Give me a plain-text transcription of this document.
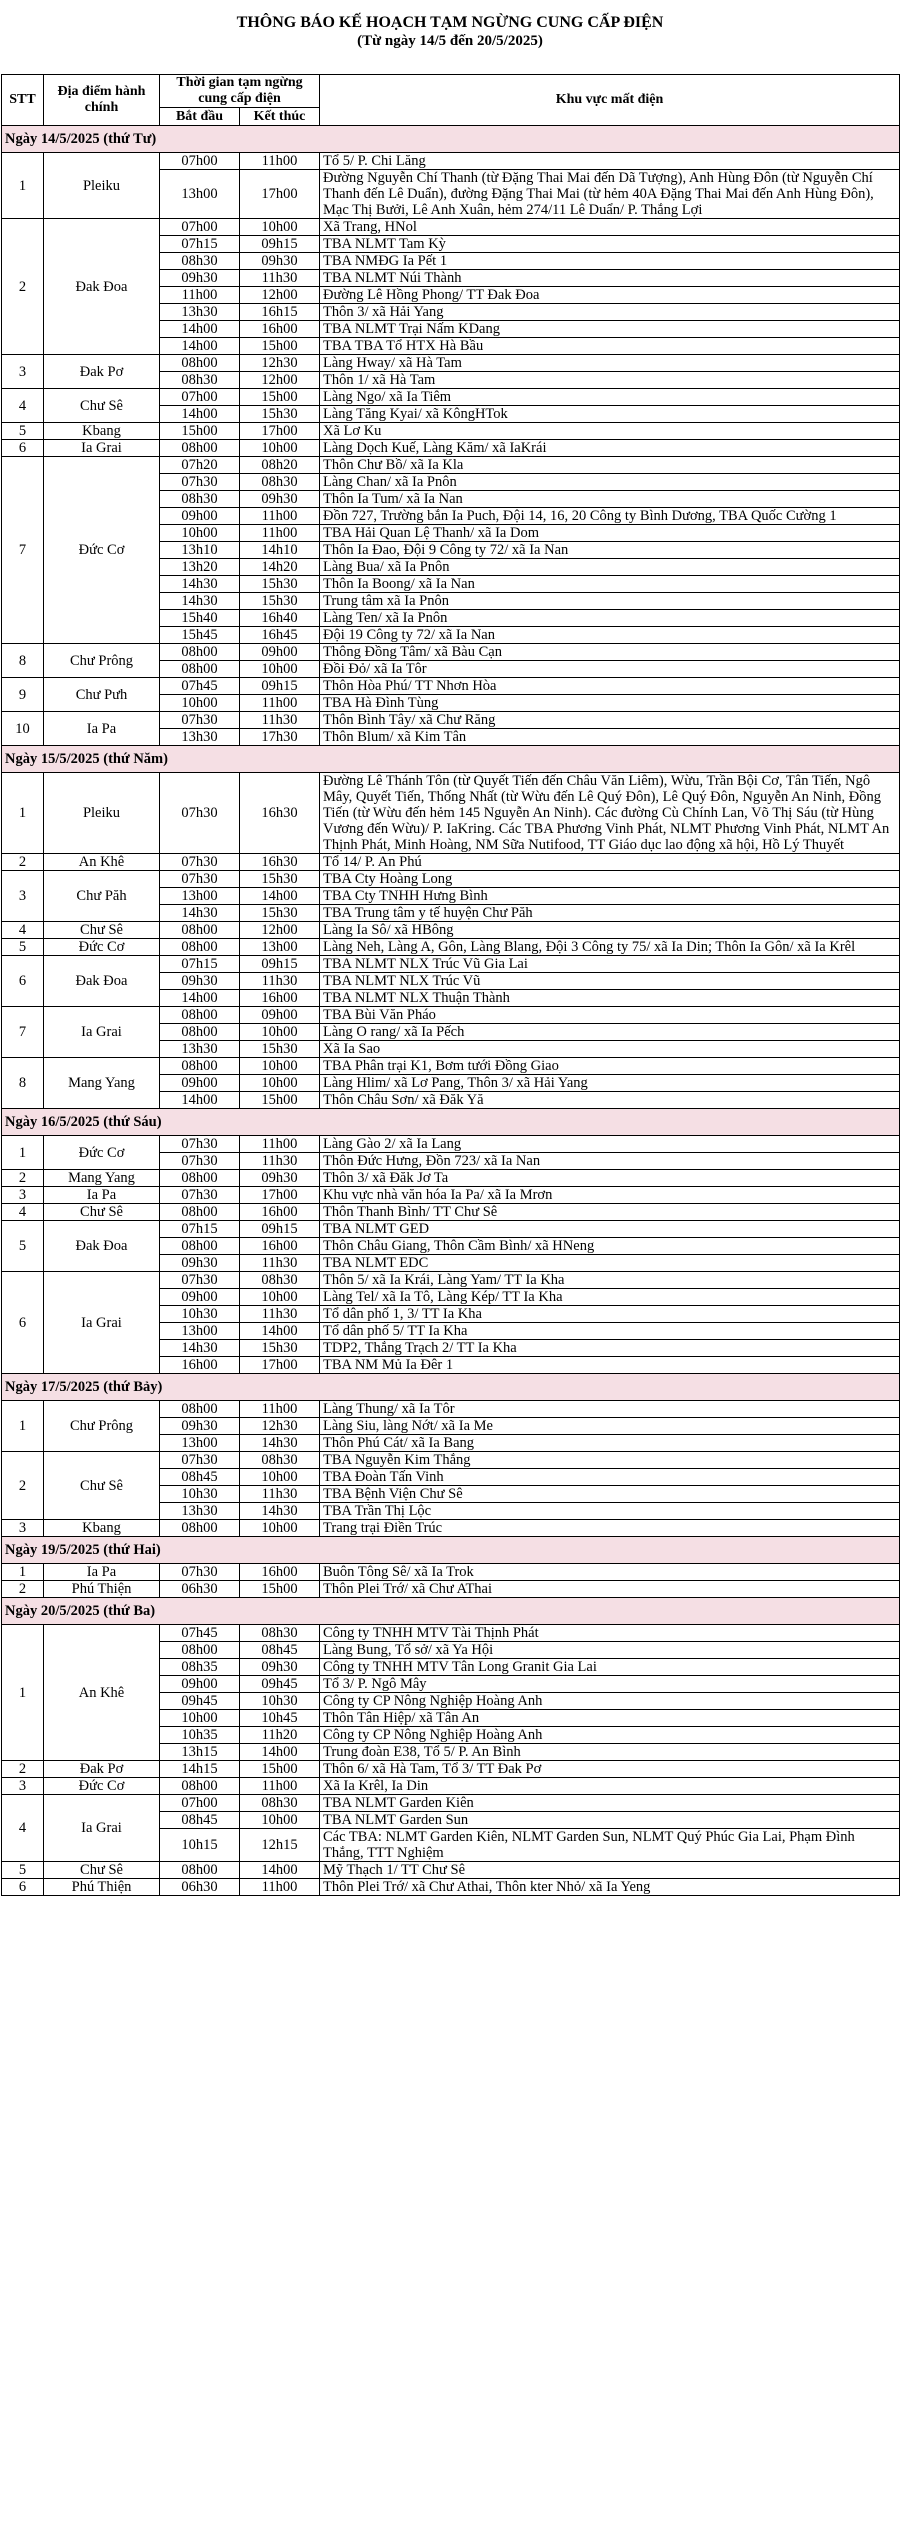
THÔNG BÁO KẾ HOẠCH TẠM NGỪNG CUNG CẤP ĐIỆN
(Từ ngày 14/5 đến 20/5/2025)
STT	Địa điểm hành chính	Thời gian tạm ngừng cung cấp điện		Khu vực mất điện
		Bắt đầu	Kết thúc	
Ngày 14/5/2025 (thứ Tư)				
1	Pleiku	07h00	11h00	Tổ 5/ P. Chi Lăng
		13h00	17h00	Đường Nguyễn Chí Thanh (từ Đặng Thai Mai đến Dã Tượng), Anh Hùng Đôn (từ Nguyễn Chí Thanh đến Lê Duẩn), đường Đặng Thai Mai (từ hẻm 40A Đặng Thai Mai đến Anh Hùng Đôn), Mạc Thị Bưởi, Lê Anh Xuân, hẻm 274/11 Lê Duẩn/ P. Thắng Lợi
2	Đak Đoa	07h00	10h00	Xã Trang, HNol
		07h15	09h15	TBA NLMT Tam Kỳ
		08h30	09h30	TBA NMĐG Ia Pết 1
		09h30	11h30	TBA NLMT Núi Thành
		11h00	12h00	Đường Lê Hồng Phong/ TT Đak Đoa
		13h30	16h15	Thôn 3/ xã Hải Yang
		14h00	16h00	TBA NLMT Trại Nấm KDang
		14h00	15h00	TBA TBA Tổ HTX Hà Bầu
3	Đak Pơ	08h00	12h30	Làng Hway/ xã Hà Tam
		08h30	12h00	Thôn 1/ xã Hà Tam
4	Chư Sê	07h00	15h00	Làng Ngo/ xã Ia Tiêm
		14h00	15h30	Làng Tăng Kyai/ xã KôngHTok
5	Kbang	15h00	17h00	Xã Lơ Ku
6	Ia Grai	08h00	10h00	Làng Dọch Kuế, Làng Kăm/ xã IaKrái
7	Đức Cơ	07h20	08h20	Thôn Chư Bồ/ xã Ia Kla
		07h30	08h30	Làng Chan/ xã Ia Pnôn
		08h30	09h30	Thôn Ia Tum/ xã Ia Nan
		09h00	11h00	Đồn 727, Trường bắn Ia Puch, Đội 14, 16, 20 Công ty Bình Dương, TBA Quốc Cường 1
		10h00	11h00	TBA Hải Quan Lệ Thanh/ xã Ia Dom
		13h10	14h10	Thôn Ia Đao, Đội 9 Công ty 72/ xã Ia Nan
		13h20	14h20	Làng Bua/ xã Ia Pnôn
		14h30	15h30	Thôn Ia Boong/ xã Ia Nan
		14h30	15h30	Trung tâm xã Ia Pnôn
		15h40	16h40	Làng Ten/ xã Ia Pnôn
		15h45	16h45	Đội 19 Công ty 72/ xã Ia Nan
8	Chư Prông	08h00	09h00	Thông Đồng Tâm/ xã Bàu Cạn
		08h00	10h00	Đồi Đỏ/ xã Ia Tôr
9	Chư Pưh	07h45	09h15	Thôn Hòa Phú/ TT Nhơn Hòa
		10h00	11h00	TBA Hà Đình Tùng
10	Ia Pa	07h30	11h30	Thôn Bình Tây/ xã Chư Răng
		13h30	17h30	Thôn Blum/ xã Kim Tân
Ngày 15/5/2025 (thứ Năm)				
1	Pleiku	07h30	16h30	Đường Lê Thánh Tôn (từ Quyết Tiến đến Châu Văn Liêm), Wừu, Trần Bội Cơ, Tân Tiến, Ngô Mây, Quyết Tiến, Thống Nhất (từ Wừu đến Lê Quý Đôn), Lê Quý Đôn, Nguyễn An Ninh, Đồng Tiến (từ Wừu đến hẻm 145 Nguyễn An Ninh). Các đường Cù Chính Lan, Võ Thị Sáu (từ Hùng Vương đến Wừu)/ P. IaKring. Các TBA Phương Vinh Phát, NLMT Phương Vinh Phát, NLMT An Thịnh Phát, Minh Hoàng, NM Sữa Nutifood, TT Giáo dục lao động xã hội, Hồ Lý Thuyết
2	An Khê	07h30	16h30	Tổ 14/ P. An Phú
3	Chư Păh	07h30	15h30	TBA Cty Hoàng Long
		13h00	14h00	TBA Cty TNHH Hưng Bình
		14h30	15h30	TBA Trung tâm y tế huyện Chư Păh
4	Chư Sê	08h00	12h00	Làng Ia Sô/ xã HBông
5	Đức Cơ	08h00	13h00	Làng Neh, Làng A, Gôn, Làng Blang, Đội 3 Công ty 75/ xã Ia Din; Thôn Ia Gôn/ xã Ia Krêl
6	Đak Đoa	07h15	09h15	TBA NLMT NLX Trúc Vũ Gia Lai
		09h30	11h30	TBA NLMT NLX Trúc Vũ
		14h00	16h00	TBA NLMT NLX Thuận Thành
7	Ia Grai	08h00	09h00	TBA Bùi Văn Pháo
		08h00	10h00	Làng O rang/ xã Ia Pếch
		13h30	15h30	Xã Ia Sao
8	Mang Yang	08h00	10h00	TBA Phân trại K1, Bơm tưới Đồng Giao
		09h00	10h00	Làng Hlim/ xã Lơ Pang, Thôn 3/ xã Hải Yang
		14h00	15h00	Thôn Châu Sơn/ xã Đăk Yă
Ngày 16/5/2025 (thứ Sáu)				
1	Đức Cơ	07h30	11h00	Làng Gào 2/ xã Ia Lang
		07h30	11h30	Thôn Đức Hưng, Đồn 723/ xã Ia Nan
2	Mang Yang	08h00	09h30	Thôn 3/ xã Đăk Jơ Ta
3	Ia Pa	07h30	17h00	Khu vực nhà văn hóa Ia Pa/ xã Ia Mrơn
4	Chư Sê	08h00	16h00	Thôn Thanh Bình/ TT Chư Sê
5	Đak Đoa	07h15	09h15	TBA NLMT GED
		08h00	16h00	Thôn Châu Giang, Thôn Cầm Bình/ xã HNeng
		09h30	11h30	TBA NLMT EDC
6	Ia Grai	07h30	08h30	Thôn 5/ xã Ia Krái, Làng Yam/ TT Ia Kha
		09h00	10h00	Làng Tel/ xã Ia Tô, Làng Kép/ TT Ia Kha
		10h30	11h30	Tổ dân phố 1, 3/ TT Ia Kha
		13h00	14h00	Tổ dân phố 5/ TT Ia Kha
		14h30	15h30	TDP2, Thắng Trạch 2/ TT Ia Kha
		16h00	17h00	TBA NM Mủ Ia Đêr 1
Ngày 17/5/2025 (thứ Bảy)				
1	Chư Prông	08h00	11h00	Làng Thung/ xã Ia Tôr
		09h30	12h30	Làng Siu, làng Nớt/ xã Ia Me
		13h00	14h30	Thôn Phú Cát/ xã Ia Bang
2	Chư Sê	07h30	08h30	TBA Nguyễn Kim Thắng
		08h45	10h00	TBA Đoàn Tấn Vinh
		10h30	11h30	TBA Bệnh Viện Chư Sê
		13h30	14h30	TBA Trần Thị Lộc
3	Kbang	08h00	10h00	Trang trại Điền Trúc
Ngày 19/5/2025 (thứ Hai)				
1	Ia Pa	07h30	16h00	Buôn Tông Sê/ xã Ia Trok
2	Phú Thiện	06h30	15h00	Thôn Plei Trớ/ xã Chư AThai
Ngày 20/5/2025 (thứ Ba)				
1	An Khê	07h45	08h30	Công ty TNHH MTV Tài Thịnh Phát
		08h00	08h45	Làng Bung, Tổ sở/ xã Ya Hội
		08h35	09h30	Công ty TNHH MTV Tân Long Granit Gia Lai
		09h00	09h45	Tổ 3/ P. Ngô Mây
		09h45	10h30	Công ty CP Nông Nghiệp Hoàng Anh
		10h00	10h45	Thôn Tân Hiệp/ xã Tân An
		10h35	11h20	Công ty CP Nông Nghiệp Hoàng Anh
		13h15	14h00	Trung đoàn E38, Tổ 5/ P. An Bình
2	Đak Pơ	14h15	15h00	Thôn 6/ xã Hà Tam, Tổ 3/ TT Đak Pơ
3	Đức Cơ	08h00	11h00	Xã Ia Krêl, Ia Din
4	Ia Grai	07h00	08h30	TBA NLMT Garden Kiên
		08h45	10h00	TBA NLMT Garden Sun
		10h15	12h15	Các TBA: NLMT Garden Kiên, NLMT Garden Sun, NLMT Quý Phúc Gia Lai, Phạm Đình Thắng, TTT Nghiệm
5	Chư Sê	08h00	14h00	Mỹ Thạch 1/ TT Chư Sê
6	Phú Thiện	06h30	11h00	Thôn Plei Trớ/ xã Chư Athai, Thôn kter Nhỏ/ xã Ia Yeng
